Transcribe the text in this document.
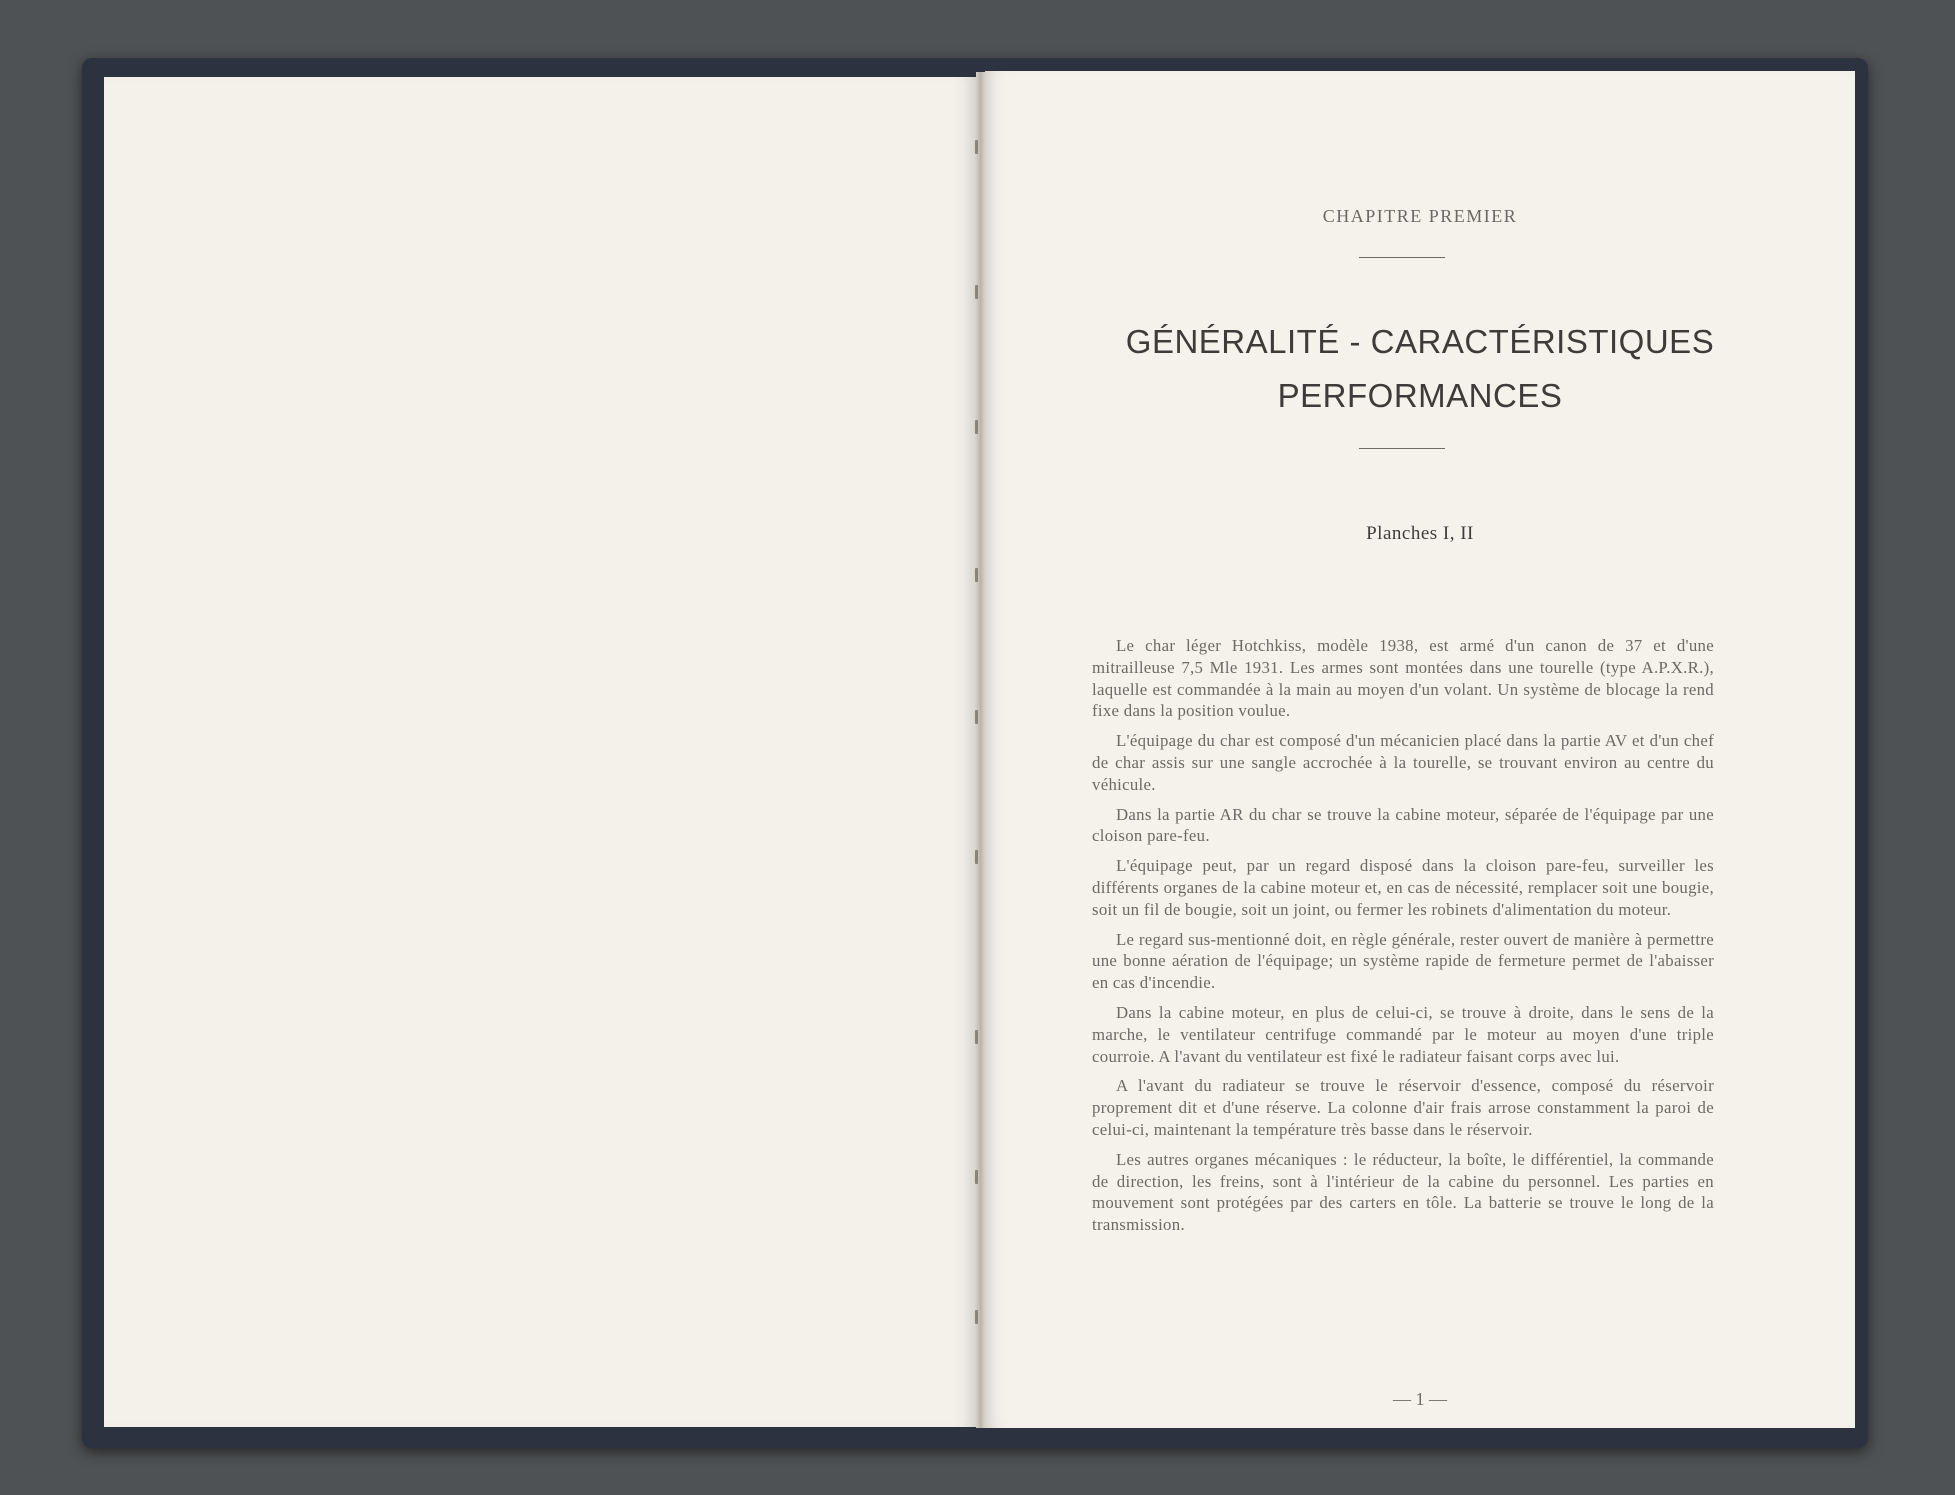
CHAPITRE PREMIER
GÉNÉRALITÉ - CARACTÉRISTIQUES
PERFORMANCES
Planches I, II

Le char léger Hotchkiss, modèle 1938, est armé d'un canon de 37 et d'une mitrailleuse 7,5 Mle 1931. Les armes sont montées dans une tourelle (type A.P.X.R.), laquelle est commandée à la main au moyen d'un volant. Un système de blocage la rend fixe dans la position voulue.

L'équipage du char est composé d'un mécanicien placé dans la partie AV et d'un chef de char assis sur une sangle accrochée à la tourelle, se trouvant environ au centre du véhicule.

Dans la partie AR du char se trouve la cabine moteur, séparée de l'équipage par une cloison pare-feu.

L'équipage peut, par un regard disposé dans la cloison pare-feu, surveiller les différents organes de la cabine moteur et, en cas de nécessité, remplacer soit une bougie, soit un fil de bougie, soit un joint, ou fermer les robinets d'alimentation du moteur.

Le regard sus-mentionné doit, en règle générale, rester ouvert de manière à permettre une bonne aération de l'équipage; un système rapide de fermeture permet de l'abaisser en cas d'incendie.

Dans la cabine moteur, en plus de celui-ci, se trouve à droite, dans le sens de la marche, le ventilateur centrifuge commandé par le moteur au moyen d'une triple courroie. A l'avant du ventilateur est fixé le radiateur faisant corps avec lui.

A l'avant du radiateur se trouve le réservoir d'essence, composé du réservoir proprement dit et d'une réserve. La colonne d'air frais arrose constamment la paroi de celui-ci, maintenant la température très basse dans le réservoir.

Les autres organes mécaniques : le réducteur, la boîte, le différentiel, la commande de direction, les freins, sont à l'intérieur de la cabine du personnel. Les parties en mouvement sont protégées par des carters en tôle. La batterie se trouve le long de la transmission.

— 1 —
